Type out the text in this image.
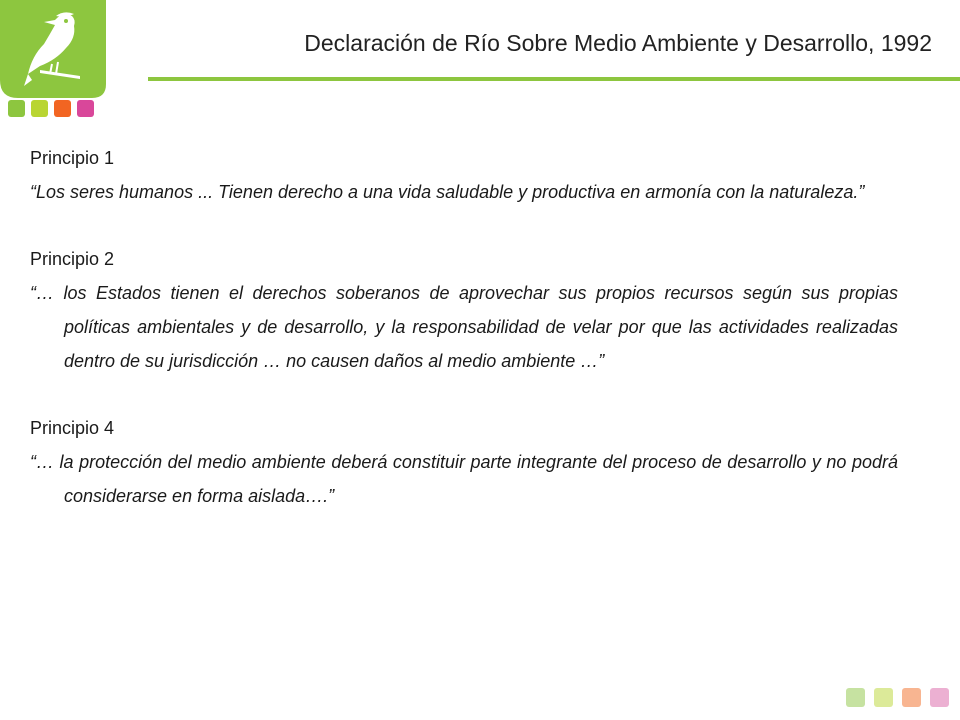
Declaración de Río Sobre Medio Ambiente y Desarrollo, 1992

Principio 1

“Los seres humanos ... Tienen derecho a una vida saludable y productiva en armonía con la naturaleza.”

Principio 2

“… los Estados tienen el derechos soberanos de aprovechar sus propios recursos según sus propias políticas ambientales y de desarrollo, y la responsabilidad de velar por que las actividades realizadas dentro de su jurisdicción … no causen daños al medio ambiente …”

Principio 4

“… la protección del medio ambiente deberá constituir parte integrante del proceso de desarrollo y no podrá considerarse en forma aislada….”
